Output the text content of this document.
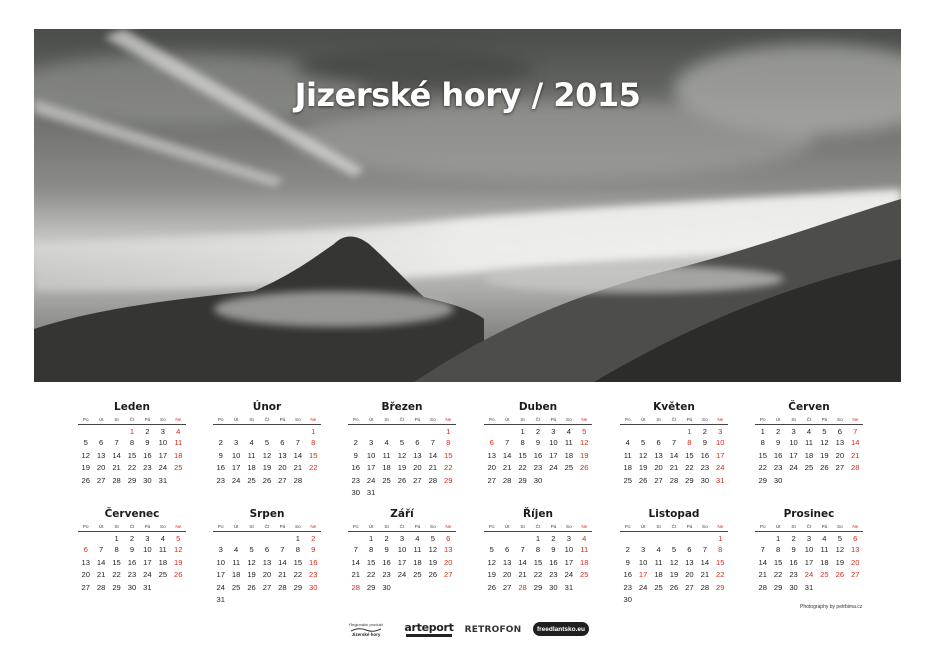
Jizerské hory / 2015
Leden
Po	Út	St	Čt	Pá	So	Ne
			1	2	3	4
5	6	7	8	9	10	11
12	13	14	15	16	17	18
19	20	21	22	23	24	25
26	27	28	29	30	31	
Únor
Po	Út	St	Čt	Pá	So	Ne
						1
2	3	4	5	6	7	8
9	10	11	12	13	14	15
16	17	18	19	20	21	22
23	24	25	26	27	28	
Březen
Po	Út	St	Čt	Pá	So	Ne
						1
2	3	4	5	6	7	8
9	10	11	12	13	14	15
16	17	18	19	20	21	22
23	24	25	26	27	28	29
30	31					
Duben
Po	Út	St	Čt	Pá	So	Ne
		1	2	3	4	5
6	7	8	9	10	11	12
13	14	15	16	17	18	19
20	21	22	23	24	25	26
27	28	29	30			
Květen
Po	Út	St	Čt	Pá	So	Ne
				1	2	3
4	5	6	7	8	9	10
11	12	13	14	15	16	17
18	19	20	21	22	23	24
25	26	27	28	29	30	31
Červen
Po	Út	St	Čt	Pá	So	Ne
1	2	3	4	5	6	7
8	9	10	11	12	13	14
15	16	17	18	19	20	21
22	23	24	25	26	27	28
29	30					
Červenec
Po	Út	St	Čt	Pá	So	Ne
		1	2	3	4	5
6	7	8	9	10	11	12
13	14	15	16	17	18	19
20	21	22	23	24	25	26
27	28	29	30	31		
Srpen
Po	Út	St	Čt	Pá	So	Ne
					1	2
3	4	5	6	7	8	9
10	11	12	13	14	15	16
17	18	19	20	21	22	23
24	25	26	27	28	29	30
31						
Září
Po	Út	St	Čt	Pá	So	Ne
	1	2	3	4	5	6
7	8	9	10	11	12	13
14	15	16	17	18	19	20
21	22	23	24	25	26	27
28	29	30				
Říjen
Po	Út	St	Čt	Pá	So	Ne
			1	2	3	4
5	6	7	8	9	10	11
12	13	14	15	16	17	18
19	20	21	22	23	24	25
26	27	28	29	30	31	
Listopad
Po	Út	St	Čt	Pá	So	Ne
						1
2	3	4	5	6	7	8
9	10	11	12	13	14	15
16	17	18	19	20	21	22
23	24	25	26	27	28	29
30						
Prosinec
Po	Út	St	Čt	Pá	So	Ne
	1	2	3	4	5	6
7	8	9	10	11	12	13
14	15	16	17	18	19	20
21	22	23	24	25	26	27
28	29	30	31			
Photography by petrbima.cz
Regionální produkt
Jizerské hory arteport RETROFON	freedlantsko.eu
